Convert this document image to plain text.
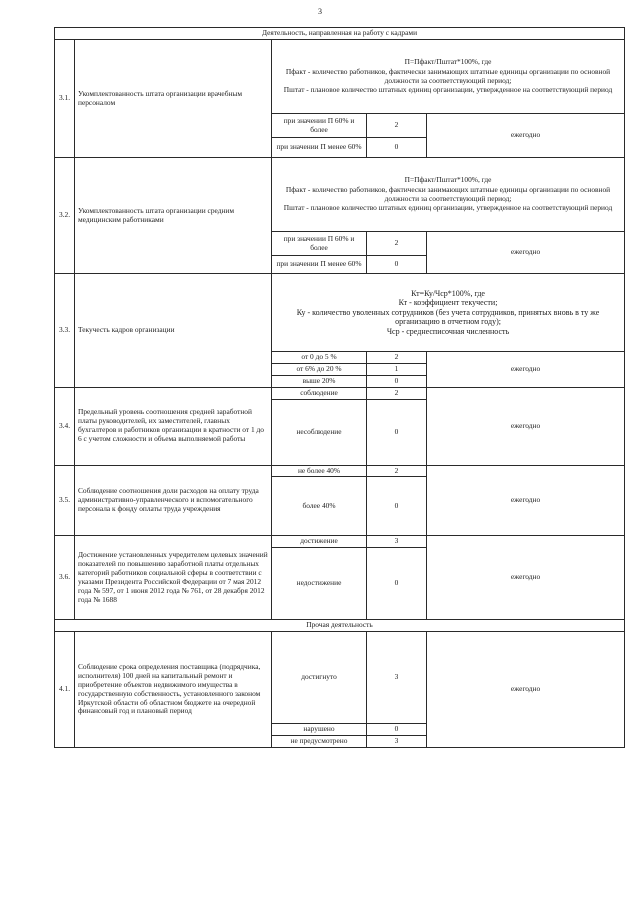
3
Деятельность, направленная на работу с кадрами				
3.1.	Укомплектованность штата организации врачебным персоналом	П=Пфакт/Пштат*100%, где
Пфакт - количество работников, фактически занимающих штатные единицы организации по основной должности за соответствующий период;
Пштат - плановое количество штатных единиц организации, утвержденное на соответствующий период		

		при значении П 60% и более	2	ежегодно
		при значении П менее 60%	0	
3.2.	Укомплектованность штата организации средним медицинским работниками	П=Пфакт/Пштат*100%, где
Пфакт - количество работников, фактически занимающих штатные единицы организации по основной должности за соответствующий период;
Пштат - плановое количество штатных единиц организации, утвержденное на соответствующий период		

		при значении П 60% и более	2	ежегодно
		при значении П менее 60%	0	
3.3.	Текучесть кадров организации	Кт=Ку/Чср*100%, где
Кт - коэффициент текучести;
Ку - количество уволенных сотрудников (без учета сотрудников, принятых вновь в ту же организацию в отчетном году);
Чср - среднесписочная численность		

		от 0 до 5 %	2	ежегодно
		от 6% до 20 %	1	
		выше 20%	0	
3.4.	Предельный уровень соотношения средней заработной платы руководителей, их заместителей, главных бухгалтеров и работников организации в кратности от 1 до 6 с учетом сложности и объема выполняемой работы	соблюдение	2	ежегодно
		несоблюдение	0	
3.5.	Соблюдение соотношения доли расходов на оплату труда административно-управленческого и вспомогательного персонала к фонду оплаты труда учреждения	не более 40%	2	ежегодно
		более 40%	0	
3.6.	Достижение установленных учредителем целевых значений показателей по повышению заработной платы отдельных категорий работников социальной сферы в соответствии с указами Президента Российской Федерации от 7 мая 2012 года № 597, от 1 июня 2012 года № 761, от 28 декабря 2012 года № 1688	достижение	3	ежегодно
		недостижение	0	
Прочая деятельность				
4.1.	Соблюдение срока определения поставщика (подрядчика, исполнителя) 100 дней на капитальный ремонт и приобретение объектов недвижимого имущества в государственную собственность, установленного законом Иркутской области об областном бюджете на очередной финансовый год и плановый период	достигнуто	3	ежегодно
		нарушено	0	
		не предусмотрено	3	
